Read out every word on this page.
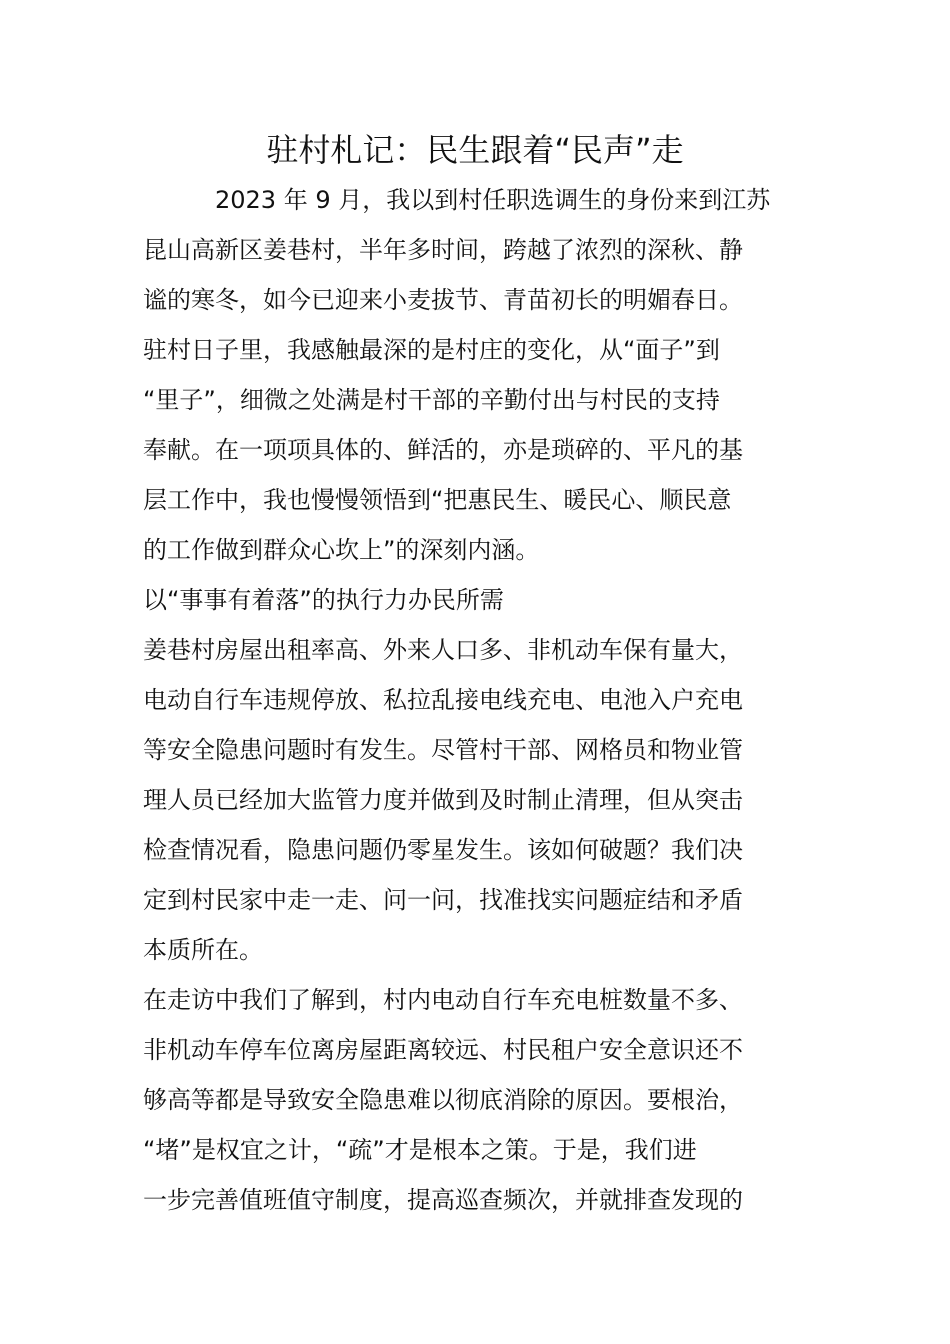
驻村札记：民生跟着“民声”走
　　　2023 年 9 月，我以到村任职选调生的身份来到江苏
昆山高新区姜巷村，半年多时间，跨越了浓烈的深秋、静
谧的寒冬，如今已迎来小麦拔节、青苗初长的明媚春日。
驻村日子里，我感触最深的是村庄的变化，从“面子”到
“里子”，细微之处满是村干部的辛勤付出与村民的支持
奉献。在一项项具体的、鲜活的，亦是琐碎的、平凡的基
层工作中，我也慢慢领悟到“把惠民生、暖民心、顺民意
的工作做到群众心坎上”的深刻内涵。
以“事事有着落”的执行力办民所需
姜巷村房屋出租率高、外来人口多、非机动车保有量大，
电动自行车违规停放、私拉乱接电线充电、电池入户充电
等安全隐患问题时有发生。尽管村干部、网格员和物业管
理人员已经加大监管力度并做到及时制止清理，但从突击
检查情况看，隐患问题仍零星发生。该如何破题？我们决
定到村民家中走一走、问一问，找准找实问题症结和矛盾
本质所在。
在走访中我们了解到，村内电动自行车充电桩数量不多、
非机动车停车位离房屋距离较远、村民租户安全意识还不
够高等都是导致安全隐患难以彻底消除的原因。要根治，
“堵”是权宜之计，“疏”才是根本之策。于是，我们进
一步完善值班值守制度，提高巡查频次，并就排查发现的
